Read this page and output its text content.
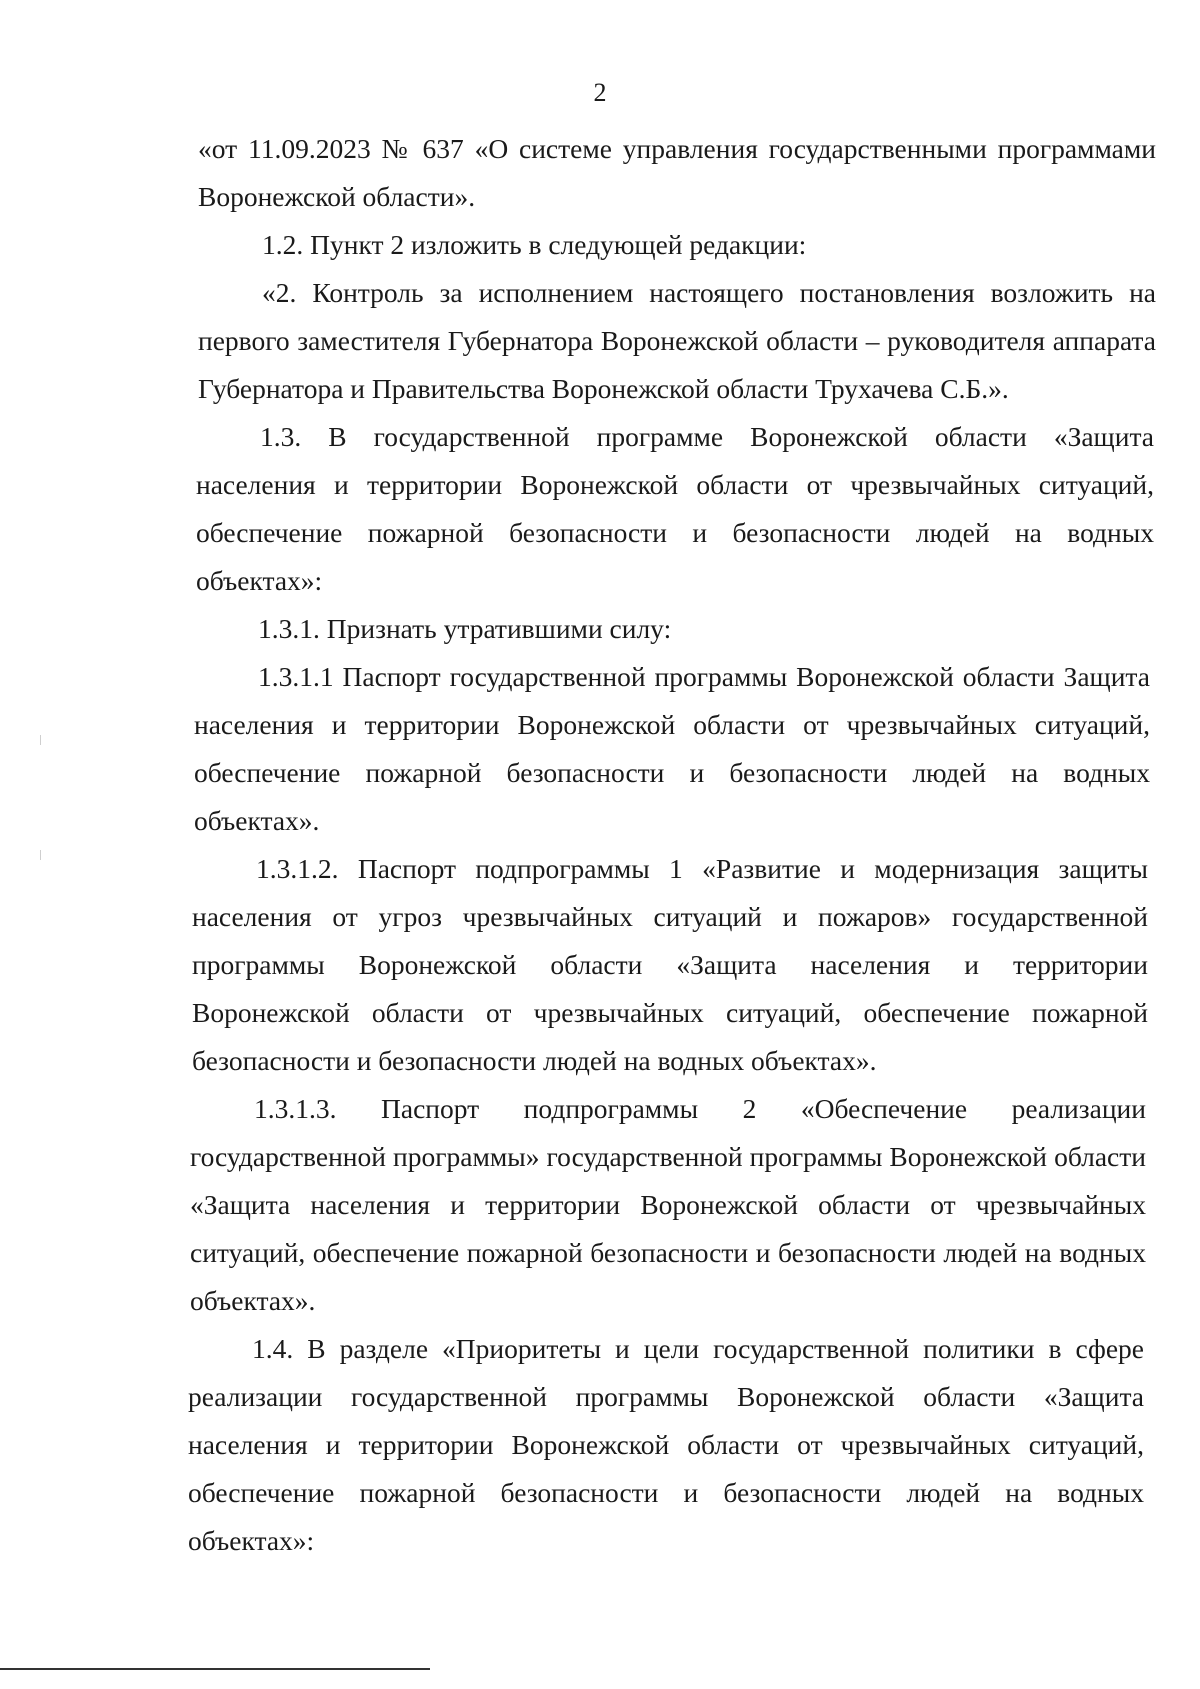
2
«от 11.09.2023 № 637 «О системе управления государственными программами Воронежской области».
1.2. Пункт 2 изложить в следующей редакции:
«2. Контроль за исполнением настоящего постановления возложить на первого заместителя Губернатора Воронежской области – руководителя аппарата Губернатора и Правительства Воронежской области Трухачева С.Б.».
1.3. В государственной программе Воронежской области «Защита населения и территории Воронежской области от чрезвычайных ситуаций, обеспечение пожарной безопасности и безопасности людей на водных объектах»:
1.3.1. Признать утратившими силу:
1.3.1.1 Паспорт государственной программы Воронежской области Защита населения и территории Воронежской области от чрезвычайных ситуаций, обеспечение пожарной безопасности и безопасности людей на водных объектах».
1.3.1.2. Паспорт подпрограммы 1 «Развитие и модернизация защиты населения от угроз чрезвычайных ситуаций и пожаров» государственной программы Воронежской области «Защита населения и территории Воронежской области от чрезвычайных ситуаций, обеспечение пожарной безопасности и безопасности людей на водных объектах».
1.3.1.3. Паспорт подпрограммы 2 «Обеспечение реализации государственной программы» государственной программы Воронежской области «Защита населения и территории Воронежской области от чрезвычайных ситуаций, обеспечение пожарной безопасности и безопасности людей на водных объектах».
1.4. В разделе «Приоритеты и цели государственной политики в сфере реализации государственной программы Воронежской области «Защита населения и территории Воронежской области от чрезвычайных ситуаций, обеспечение пожарной безопасности и безопасности людей на водных объектах»:
